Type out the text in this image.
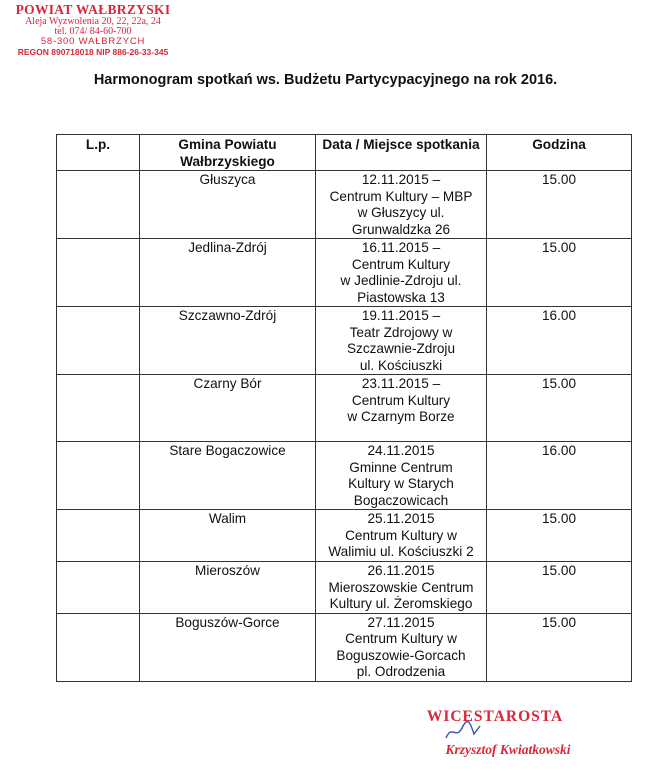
POWIAT WAŁBRZYSKI
Aleja Wyzwolenia 20, 22, 22a, 24
tel. 074/ 84-60-700
58-300 WAŁBRZYCH
REGON 890718018 NIP 886-26-33-345
Harmonogram spotkań ws. Budżetu Partycypacyjnego na rok 2016.
L.p.	Gmina Powiatu Wałbrzyskiego	Data / Miejsce spotkania	Godzina
	Głuszyca	12.11.2015 –
Centrum Kultury – MBP
w Głuszycy ul.
Grunwaldzka 26	15.00
	Jedlina-Zdrój	16.11.2015 –
Centrum Kultury
w Jedlinie-Zdroju ul.
Piastowska 13	15.00
	Szczawno-Zdrój	19.11.2015 –
Teatr Zdrojowy w
Szczawnie-Zdroju
ul. Kościuszki	16.00
	Czarny Bór	23.11.2015 –
Centrum Kultury
w Czarnym Borze	15.00
	Stare Bogaczowice	24.11.2015
Gminne Centrum
Kultury w Starych
Bogaczowicach	16.00
	Walim	25.11.2015
Centrum Kultury w
Walimiu ul. Kościuszki 2	15.00
	Mieroszów	26.11.2015
Mieroszowskie Centrum
Kultury ul. Żeromskiego	15.00
	Boguszów-Gorce	27.11.2015
Centrum Kultury w
Boguszowie-Gorcach
pl. Odrodzenia	15.00
WICESTAROSTA
Krzysztof Kwiatkowski
